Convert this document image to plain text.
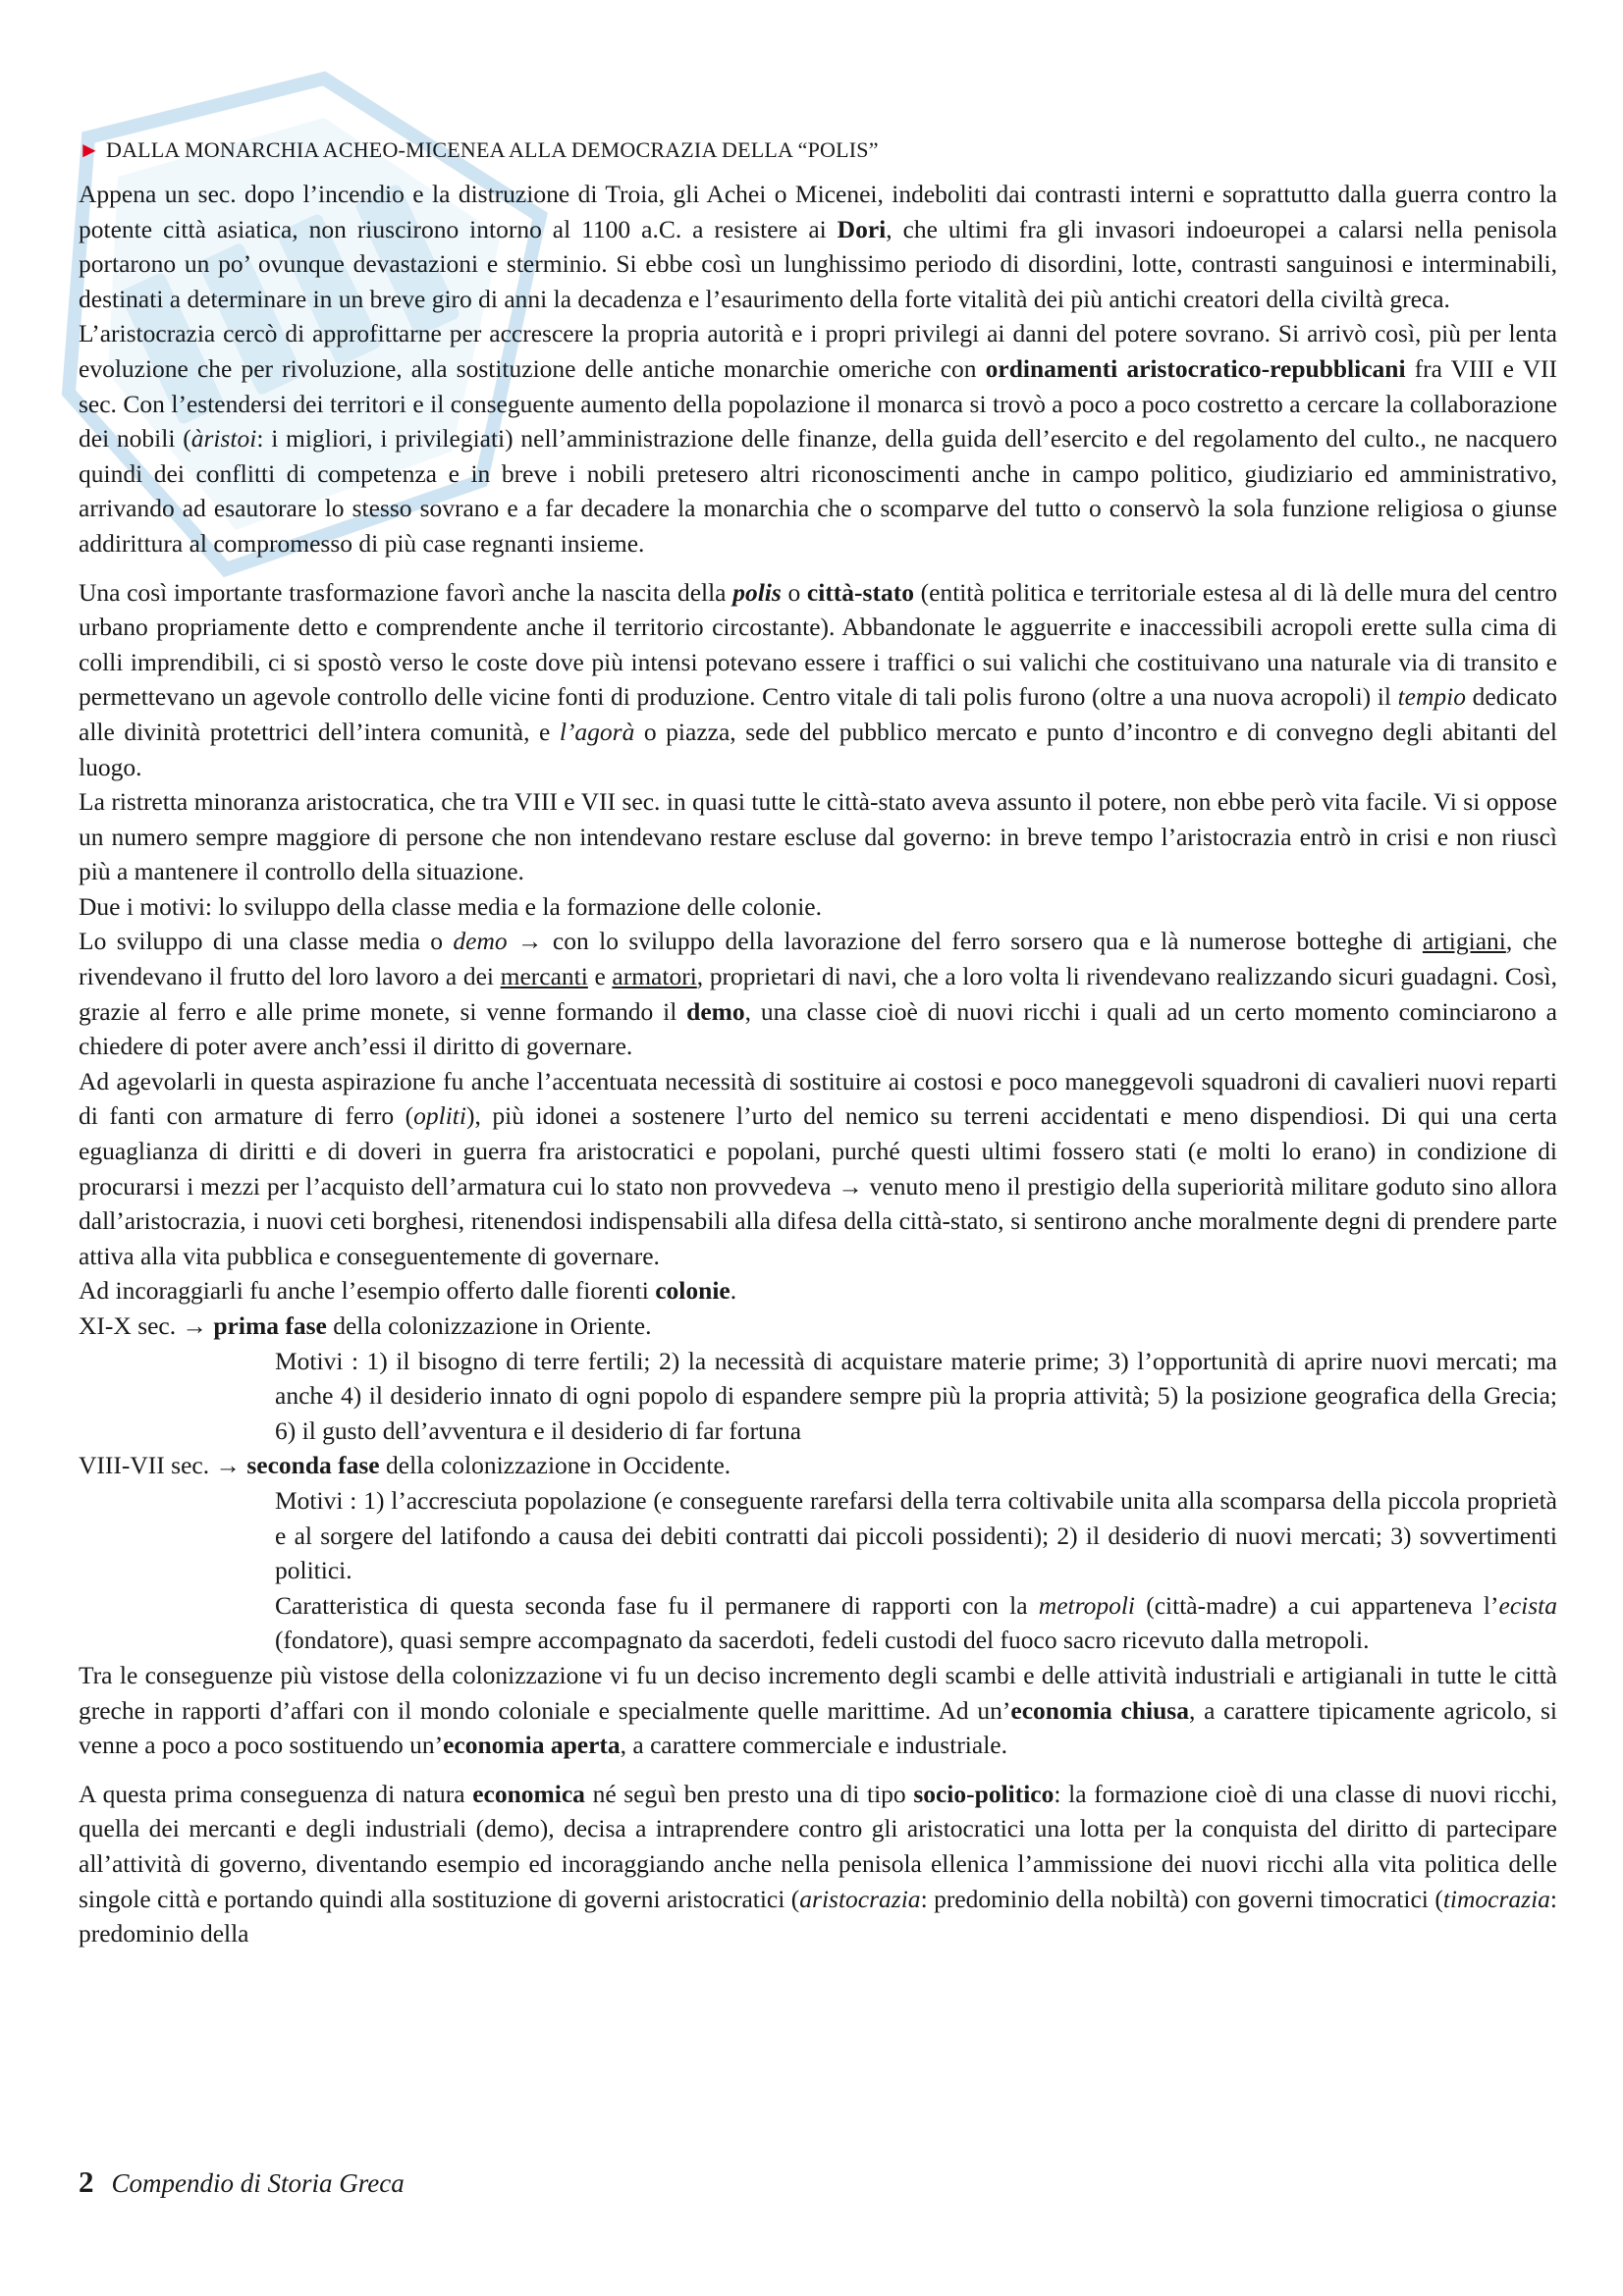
► DALLA MONARCHIA ACHEO-MICENEA ALLA DEMOCRAZIA DELLA “POLIS”

Appena un sec. dopo l’incendio e la distruzione di Troia, gli Achei o Micenei, indeboliti dai contrasti interni e soprattutto dalla guerra contro la potente città asiatica, non riuscirono intorno al 1100 a.C. a resistere ai Dori, che ultimi fra gli invasori indoeuropei a calarsi nella penisola portarono un po’ ovunque devastazioni e sterminio. Si ebbe così un lunghissimo periodo di disordini, lotte, contrasti sanguinosi e interminabili, destinati a determinare in un breve giro di anni la decadenza e l’esaurimento della forte vitalità dei più antichi creatori della civiltà greca.

L’aristocrazia cercò di approfittarne per accrescere la propria autorità e i propri privilegi ai danni del potere sovrano. Si arrivò così, più per lenta evoluzione che per rivoluzione, alla sostituzione delle antiche monarchie omeriche con ordinamenti aristocratico-repubblicani fra VIII e VII sec. Con l’estendersi dei territori e il conseguente aumento della popolazione il monarca si trovò a poco a poco costretto a cercare la collaborazione dei nobili (àristoi: i migliori, i privilegiati) nell’amministrazione delle finanze, della guida dell’esercito e del regolamento del culto., ne nacquero quindi dei conflitti di competenza e in breve i nobili pretesero altri riconoscimenti anche in campo politico, giudiziario ed amministrativo, arrivando ad esautorare lo stesso sovrano e a far decadere la monarchia che o scomparve del tutto o conservò la sola funzione religiosa o giunse addirittura al compromesso di più case regnanti insieme.

Una così importante trasformazione favorì anche la nascita della polis o città-stato (entità politica e territoriale estesa al di là delle mura del centro urbano propriamente detto e comprendente anche il territorio circostante). Abbandonate le agguerrite e inaccessibili acropoli erette sulla cima di colli imprendibili, ci si spostò verso le coste dove più intensi potevano essere i traffici o sui valichi che costituivano una naturale via di transito e permettevano un agevole controllo delle vicine fonti di produzione. Centro vitale di tali polis furono (oltre a una nuova acropoli) il tempio dedicato alle divinità protettrici dell’intera comunità, e l’agorà o piazza, sede del pubblico mercato e punto d’incontro e di convegno degli abitanti del luogo.

La ristretta minoranza aristocratica, che tra VIII e VII sec. in quasi tutte le città-stato aveva assunto il potere, non ebbe però vita facile. Vi si oppose un numero sempre maggiore di persone che non intendevano restare escluse dal governo: in breve tempo l’aristocrazia entrò in crisi e non riuscì più a mantenere il controllo della situazione.

Due i motivi: lo sviluppo della classe media e la formazione delle colonie.

Lo sviluppo di una classe media o demo → con lo sviluppo della lavorazione del ferro sorsero qua e là numerose botteghe di artigiani, che rivendevano il frutto del loro lavoro a dei mercanti e armatori, proprietari di navi, che a loro volta li rivendevano realizzando sicuri guadagni. Così, grazie al ferro e alle prime monete, si venne formando il demo, una classe cioè di nuovi ricchi i quali ad un certo momento cominciarono a chiedere di poter avere anch’essi il diritto di governare.

Ad agevolarli in questa aspirazione fu anche l’accentuata necessità di sostituire ai costosi e poco maneggevoli squadroni di cavalieri nuovi reparti di fanti con armature di ferro (opliti), più idonei a sostenere l’urto del nemico su terreni accidentati e meno dispendiosi. Di qui una certa eguaglianza di diritti e di doveri in guerra fra aristocratici e popolani, purché questi ultimi fossero stati (e molti lo erano) in condizione di procurarsi i mezzi per l’acquisto dell’armatura cui lo stato non provvedeva → venuto meno il prestigio della superiorità militare goduto sino allora dall’aristocrazia, i nuovi ceti borghesi, ritenendosi indispensabili alla difesa della città-stato, si sentirono anche moralmente degni di prendere parte attiva alla vita pubblica e conseguentemente di governare.

Ad incoraggiarli fu anche l’esempio offerto dalle fiorenti colonie.

XI-X sec. → prima fase della colonizzazione in Oriente.

Motivi : 1) il bisogno di terre fertili; 2) la necessità di acquistare materie prime; 3) l’opportunità di aprire nuovi mercati; ma anche 4) il desiderio innato di ogni popolo di espandere sempre più la propria attività; 5) la posizione geografica della Grecia; 6) il gusto dell’avventura e il desiderio di far fortuna

VIII-VII sec. → seconda fase della colonizzazione in Occidente.

Motivi : 1) l’accresciuta popolazione (e conseguente rarefarsi della terra coltivabile unita alla scomparsa della piccola proprietà e al sorgere del latifondo a causa dei debiti contratti dai piccoli possidenti); 2) il desiderio di nuovi mercati; 3) sovvertimenti politici.

Caratteristica di questa seconda fase fu il permanere di rapporti con la metropoli (città-madre) a cui apparteneva l’ecista (fondatore), quasi sempre accompagnato da sacerdoti, fedeli custodi del fuoco sacro ricevuto dalla metropoli.

Tra le conseguenze più vistose della colonizzazione vi fu un deciso incremento degli scambi e delle attività industriali e artigianali in tutte le città greche in rapporti d’affari con il mondo coloniale e specialmente quelle marittime. Ad un’economia chiusa, a carattere tipicamente agricolo, si venne a poco a poco sostituendo un’economia aperta, a carattere commerciale e industriale.

A questa prima conseguenza di natura economica né seguì ben presto una di tipo socio-politico: la formazione cioè di una classe di nuovi ricchi, quella dei mercanti e degli industriali (demo), decisa a intraprendere contro gli aristocratici una lotta per la conquista del diritto di partecipare all’attività di governo, diventando esempio ed incoraggiando anche nella penisola ellenica l’ammissione dei nuovi ricchi alla vita politica delle singole città e portando quindi alla sostituzione di governi aristocratici (aristocrazia: predominio della nobiltà) con governi timocratici (timocrazia: predominio della

2 Compendio di Storia Greca
